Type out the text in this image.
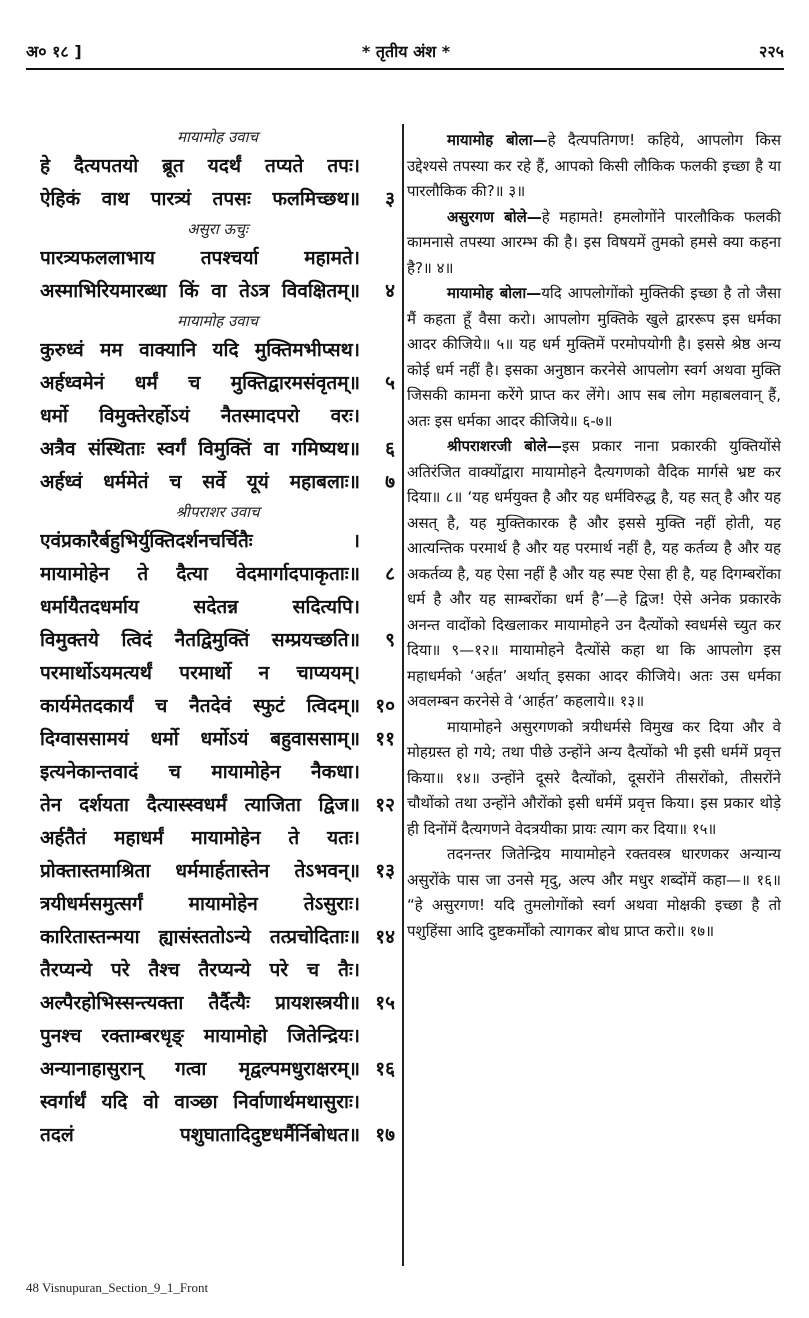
अ० १८ ]	* तृतीय अंश *	२२५
मायामोह उवाच
हे दैत्यपतयो ब्रूत यदर्थं तप्यते तपः।
ऐहिकं वाथ पारत्र्यं तपसः फलमिच्छथ॥ ३
असुरा ऊचुः
पारत्र्यफललाभाय तपश्चर्या महामते।
अस्माभिरियमारब्धा किं वा तेऽत्र विवक्षितम्॥ ४
मायामोह उवाच
कुरुध्वं मम वाक्यानि यदि मुक्तिमभीप्सथ।
अर्हध्वमेनं धर्मं च मुक्तिद्वारमसंवृतम्॥ ५
धर्मो विमुक्तेरर्होऽयं नैतस्मादपरो वरः।
अत्रैव संस्थिताः स्वर्गं विमुक्तिं वा गमिष्यथ॥ ६
अर्हध्वं धर्ममेतं च सर्वे यूयं महाबलाः॥ ७
श्रीपराशर उवाच
एवंप्रकारैर्बहुभिर्युक्तिदर्शनचर्चितैः ।
मायामोहेन ते दैत्या वेदमार्गादपाकृताः॥ ८
धर्मायैतदधर्माय सदेतन्न सदित्यपि।
विमुक्तये त्विदं नैतद्विमुक्तिं सम्प्रयच्छति॥ ९
परमार्थोऽयमत्यर्थं परमार्थो न चाप्ययम्।
कार्यमेतदकार्यं च नैतदेवं स्फुटं त्विदम्॥ १०
दिग्वाससामयं धर्मो धर्मोऽयं बहुवाससाम्॥ ११
इत्यनेकान्तवादं च मायामोहेन नैकधा।
तेन दर्शयता दैत्यास्स्वधर्मं त्याजिता द्विज॥ १२
अर्हतैतं महाधर्मं मायामोहेन ते यतः।
प्रोक्तास्तमाश्रिता धर्ममार्हतास्तेन तेऽभवन्॥ १३
त्रयीधर्मसमुत्सर्गं मायामोहेन तेऽसुराः।
कारितास्तन्मया ह्यासंस्ततोऽन्ये तत्प्रचोदिताः॥ १४
तैरप्यन्ये परे तैश्च तैरप्यन्ये परे च तैः।
अल्पैरहोभिस्सन्त्यक्ता तैर्दैत्यैः प्रायशस्त्रयी॥ १५
पुनश्च रक्ताम्बरधृङ् मायामोहो जितेन्द्रियः।
अन्यानाहासुरान् गत्वा मृद्वल्पमधुराक्षरम्॥ १६
स्वर्गार्थं यदि वो वाञ्छा निर्वाणार्थमथासुराः।
तदलं पशुघातादिदुष्टधर्मैर्निबोधत॥ १७

मायामोह बोला—हे दैत्यपतिगण! कहिये, आपलोग किस उद्देश्यसे तपस्या कर रहे हैं, आपको किसी लौकिक फलकी इच्छा है या पारलौकिक की?॥ ३॥

असुरगण बोले—हे महामते! हमलोगोंने पारलौकिक फलकी कामनासे तपस्या आरम्भ की है। इस विषयमें तुमको हमसे क्या कहना है?॥ ४॥

मायामोह बोला—यदि आपलोगोंको मुक्तिकी इच्छा है तो जैसा मैं कहता हूँ वैसा करो। आपलोग मुक्तिके खुले द्वाररूप इस धर्मका आदर कीजिये॥ ५॥ यह धर्म मुक्तिमें परमोपयोगी है। इससे श्रेष्ठ अन्य कोई धर्म नहीं है। इसका अनुष्ठान करनेसे आपलोग स्वर्ग अथवा मुक्ति जिसकी कामना करेंगे प्राप्त कर लेंगे। आप सब लोग महाबलवान् हैं, अतः इस धर्मका आदर कीजिये॥ ६-७॥

श्रीपराशरजी बोले—इस प्रकार नाना प्रकारकी युक्तियोंसे अतिरंजित वाक्योंद्वारा मायामोहने दैत्यगणको वैदिक मार्गसे भ्रष्ट कर दिया॥ ८॥ ‘यह धर्मयुक्त है और यह धर्मविरुद्ध है, यह सत् है और यह असत् है, यह मुक्तिकारक है और इससे मुक्ति नहीं होती, यह आत्यन्तिक परमार्थ है और यह परमार्थ नहीं है, यह कर्तव्य है और यह अकर्तव्य है, यह ऐसा नहीं है और यह स्पष्ट ऐसा ही है, यह दिगम्बरोंका धर्म है और यह साम्बरोंका धर्म है’—हे द्विज! ऐसे अनेक प्रकारके अनन्त वादोंको दिखलाकर मायामोहने उन दैत्योंको स्वधर्मसे च्युत कर दिया॥ ९—१२॥ मायामोहने दैत्योंसे कहा था कि आपलोग इस महाधर्मको ‘अर्हत’ अर्थात् इसका आदर कीजिये। अतः उस धर्मका अवलम्बन करनेसे वे ‘आर्हत’ कहलाये॥ १३॥

मायामोहने असुरगणको त्रयीधर्मसे विमुख कर दिया और वे मोहग्रस्त हो गये; तथा पीछे उन्होंने अन्य दैत्योंको भी इसी धर्ममें प्रवृत्त किया॥ १४॥ उन्होंने दूसरे दैत्योंको, दूसरोंने तीसरोंको, तीसरोंने चौथोंको तथा उन्होंने औरोंको इसी धर्ममें प्रवृत्त किया। इस प्रकार थोड़े ही दिनोंमें दैत्यगणने वेदत्रयीका प्रायः त्याग कर दिया॥ १५॥

तदनन्तर जितेन्द्रिय मायामोहने रक्तवस्त्र धारणकर अन्यान्य असुरोंके पास जा उनसे मृदु, अल्प और मधुर शब्दोंमें कहा—॥ १६॥ “हे असुरगण! यदि तुमलोगोंको स्वर्ग अथवा मोक्षकी इच्छा है तो पशुहिंसा आदि दुष्टकर्मोंको त्यागकर बोध प्राप्त करो॥ १७॥

48 Visnupuran_Section_9_1_Front
